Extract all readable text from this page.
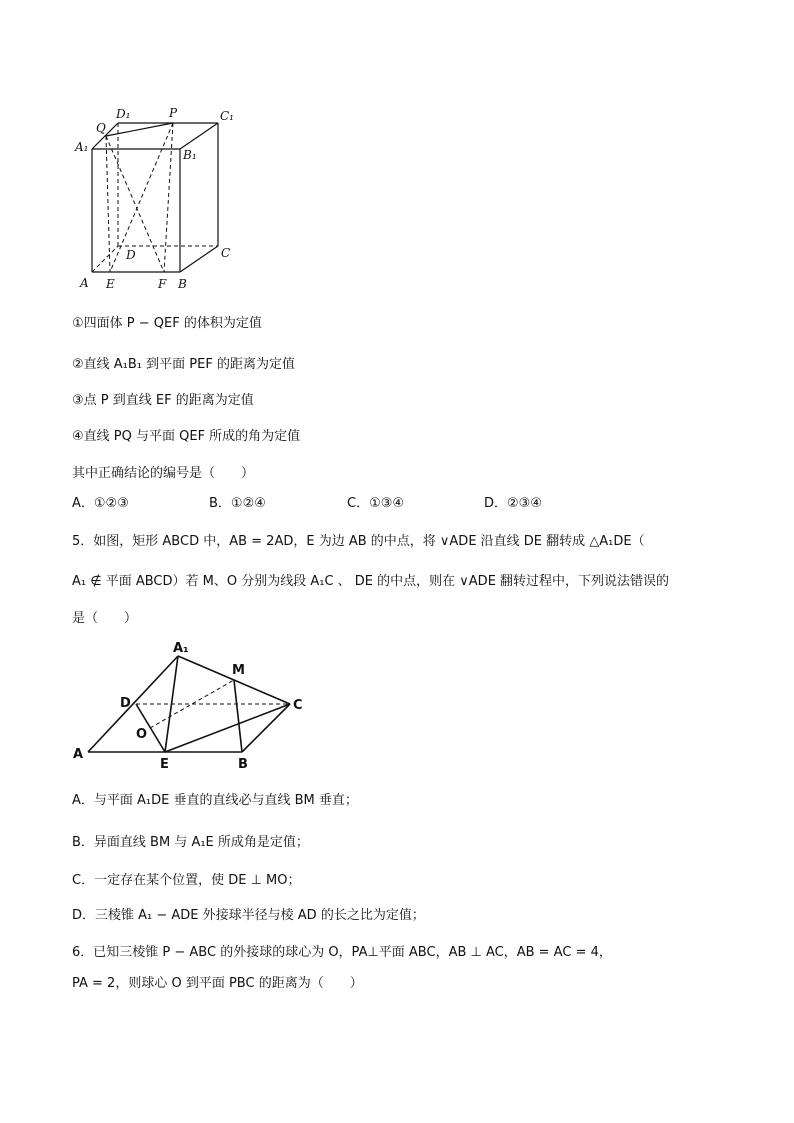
Q
D₁	P	C₁
A₁
B₁
D	C
A E	F B
①四面体 P − QEF 的体积为定值
②直线 A₁B₁ 到平面 PEF 的距离为定值
③点 P 到直线 EF 的距离为定值
④直线 PQ 与平面 QEF 所成的角为定值
其中正确结论的编号是（　　）
A．①②③	B．①②④	C．①③④	D．②③④
5．如图，矩形 ABCD 中，AB = 2AD，E 为边 AB 的中点，将 ∨ADE 沿直线 DE 翻转成 △A₁DE（
A₁ ∉ 平面 ABCD）若 M、O 分别为线段 A₁C 、 DE 的中点，则在 ∨ADE 翻转过程中，下列说法错误的
是（　　）
A₁
M
D	C
O
A
E	B
A．与平面 A₁DE 垂直的直线必与直线 BM 垂直；
B．异面直线 BM 与 A₁E 所成角是定值；
C．一定存在某个位置，使 DE ⊥ MO；
D．三棱锥 A₁ − ADE 外接球半径与棱 AD 的长之比为定值；
6．已知三棱锥 P − ABC 的外接球的球心为 O，PA⊥平面 ABC，AB ⊥ AC，AB = AC = 4，
PA = 2，则球心 O 到平面 PBC 的距离为（　　）
